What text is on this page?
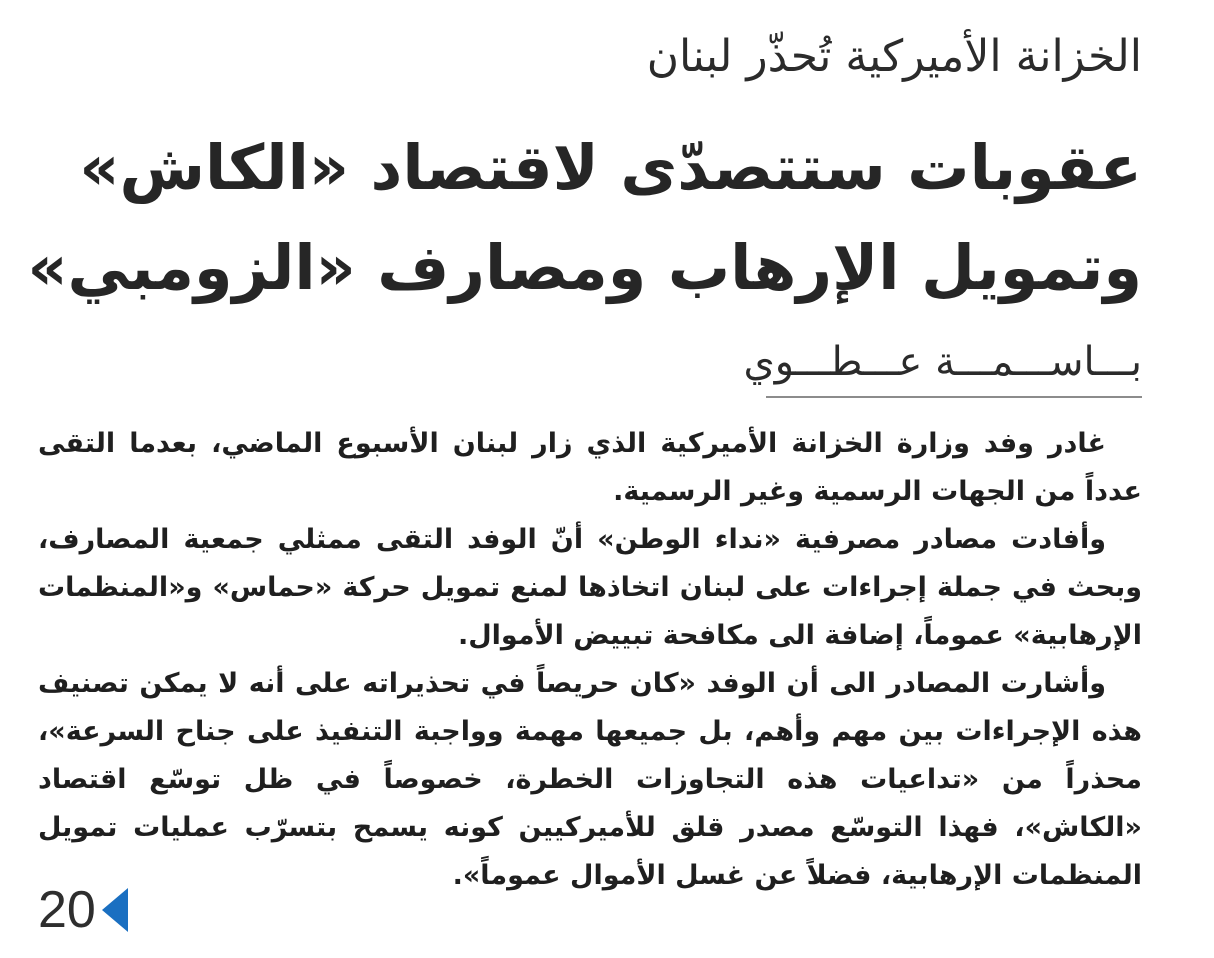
الخزانة الأميركية تُحذّر لبنان
عقوبات ستتصدّى لاقتصاد «الكاش»
وتمويل الإرهاب ومصارف «الزومبي»
بـــاســـمـــة عـــطـــوي

غادر وفد وزارة الخزانة الأميركية الذي زار لبنان الأسبوع الماضي، بعدما التقى عدداً من الجهات الرسمية وغير الرسمية.

وأفادت مصادر مصرفية «نداء الوطن» أنّ الوفد التقى ممثلي جمعية المصارف، وبحث في جملة إجراءات على لبنان اتخاذها لمنع تمويل حركة «حماس» و«المنظمات الإرهابية» عموماً، إضافة الى مكافحة تبييض الأموال.

وأشارت المصادر الى أن الوفد «كان حريصاً في تحذيراته على أنه لا يمكن تصنيف هذه الإجراءات بين مهم وأهم، بل جميعها مهمة وواجبة التنفيذ على جناح السرعة»، محذراً من «تداعيات هذه التجاوزات الخطرة، خصوصاً في ظل توسّع اقتصاد «الكاش»، فهذا التوسّع مصدر قلق للأميركيين كونه يسمح بتسرّب عمليات تمويل المنظمات الإرهابية، فضلاً عن غسل الأموال عموماً».

20
